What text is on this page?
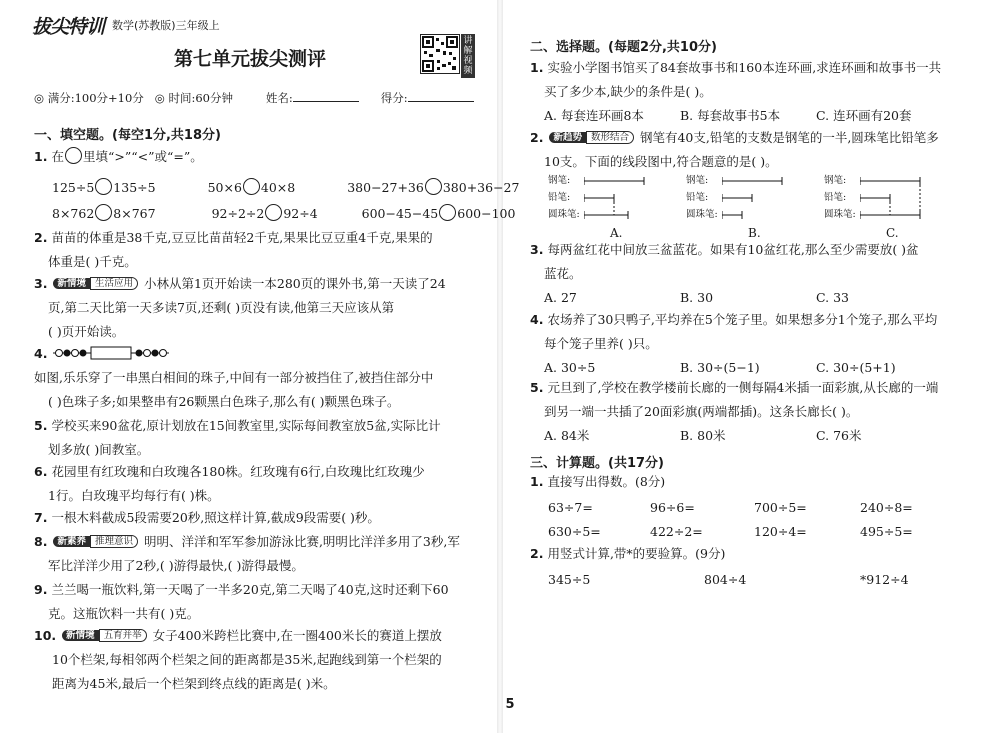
拔尖特训 数学(苏教版)三年级上
第七单元拔尖测评
讲解视频
◎ 满分:100分+10分 ◎ 时间:60分钟	姓名:	得分:
一、填空题。(每空1分,共18分)
1. 在 里填“>”“<”或“=”。
125÷5 135÷5	50×6 40×8	380−27+36 380+36−27
8×762 8×767	92÷2÷2 92÷4	600−45−45 600−100
2. 苗苗的体重是38千克,豆豆比苗苗轻2千克,果果比豆豆重4千克,果果的
体重是( )千克。
3. 新情境 生活应用 小林从第1页开始读一本280页的课外书,第一天读了24
页,第二天比第一天多读7页,还剩( )页没有读,他第三天应该从第
( )页开始读。
4.
如图,乐乐穿了一串黑白相间的珠子,中间有一部分被挡住了,被挡住部分中
( )色珠子多;如果整串有26颗黑白色珠子,那么有( )颗黑色珠子。
5. 学校买来90盆花,原计划放在15间教室里,实际每间教室放5盆,实际比计
划多放( )间教室。
6. 花园里有红玫瑰和白玫瑰各180株。红玫瑰有6行,白玫瑰比红玫瑰少
1行。白玫瑰平均每行有( )株。
7. 一根木料截成5段需要20秒,照这样计算,截成9段需要( )秒。
8. 新素养 推理意识 明明、洋洋和军军参加游泳比赛,明明比洋洋多用了3秒,军
军比洋洋少用了2秒,( )游得最快,( )游得最慢。
9. 兰兰喝一瓶饮料,第一天喝了一半多20克,第二天喝了40克,这时还剩下60
克。这瓶饮料一共有( )克。
10. 新情境 五育并举 女子400米跨栏比赛中,在一圈400米长的赛道上摆放
10个栏架,每相邻两个栏架之间的距离都是35米,起跑线到第一个栏架的
距离为45米,最后一个栏架到终点线的距离是( )米。
二、选择题。(每题2分,共10分)
1. 实验小学图书馆买了84套故事书和160本连环画,求连环画和故事书一共
买了多少本,缺少的条件是( )。
A. 每套连环画8本	B. 每套故事书5本	C. 连环画有20套
2. 新趋势 数形结合 钢笔有40支,铅笔的支数是钢笔的一半,圆珠笔比铅笔多
10支。下面的线段图中,符合题意的是( )。
钢笔:
铅笔:
圆珠笔:
A.
钢笔:
铅笔:
圆珠笔:
B.
钢笔:
铅笔:
圆珠笔:
C.
3. 每两盆红花中间放三盆蓝花。如果有10盆红花,那么至少需要放( )盆
蓝花。
A. 27	B. 30	C. 33
4. 农场养了30只鸭子,平均养在5个笼子里。如果想多分1个笼子,那么平均
每个笼子里养( )只。
A. 30÷5	B. 30÷(5−1)	C. 30÷(5+1)
5. 元旦到了,学校在教学楼前长廊的一侧每隔4米插一面彩旗,从长廊的一端
到另一端一共插了20面彩旗(两端都插)。这条长廊长( )。
A. 84米	B. 80米	C. 76米
三、计算题。(共17分)
1. 直接写出得数。(8分)
63÷7=	96÷6=	700÷5=	240÷8=
630÷5=	422÷2=	120÷4=	495÷5=
2. 用竖式计算,带*的要验算。(9分)
345÷5	804÷4	*912÷4
5
